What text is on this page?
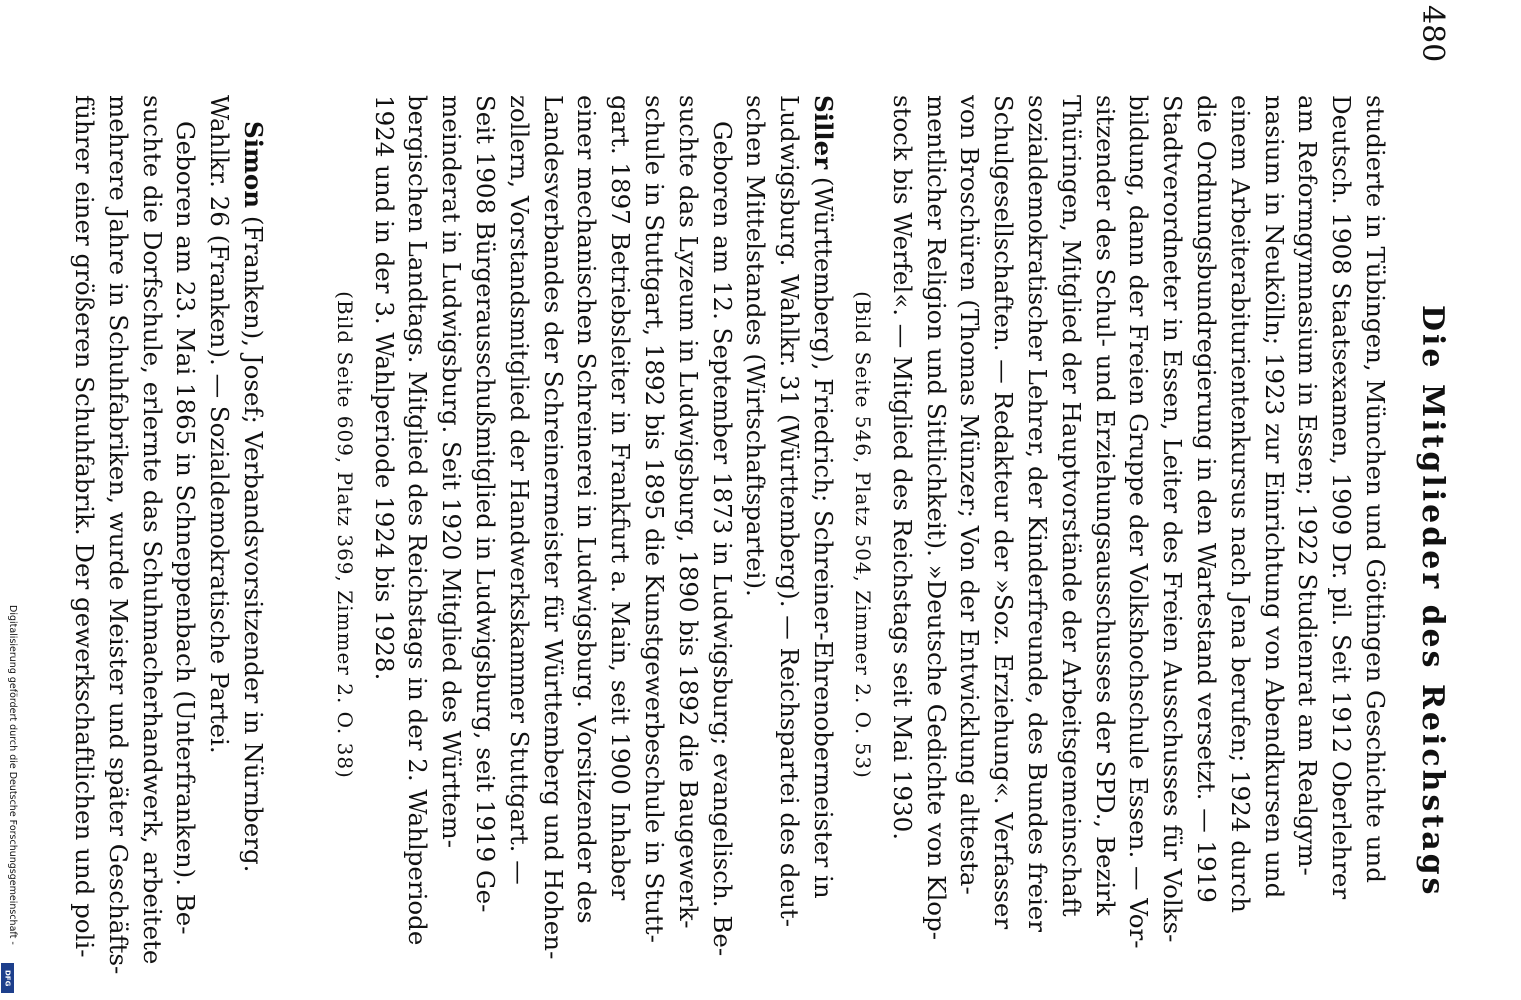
Digitalisierung gefördert durch die Deutsche Forschungsgemeinschaft -
DFG
480
Die Mitglieder des Reichstags

studierte in Tübingen, München und Göttingen Geschichte und
Deutsch. 1908 Staatsexamen, 1909 Dr. pil. Seit 1912 Oberlehrer
am Reformgymnasium in Essen; 1922 Studienrat am Realgym-
nasium in Neukölln; 1923 zur Einrichtung von Abendkursen und
einem Arbeiterabiturientenkursus nach Jena berufen; 1924 durch
die Ordnungsbundregierung in den Wartestand versetzt. — 1919
Stadtverordneter in Essen, Leiter des Freien Ausschusses für Volks-
bildung, dann der Freien Gruppe der Volkshochschule Essen. — Vor-
sitzender des Schul- und Erziehungsausschusses der SPD., Bezirk
Thüringen, Mitglied der Hauptvorstände der Arbeitsgemeinschaft
sozialdemokratischer Lehrer, der Kinderfreunde, des Bundes freier
Schulgesellschaften. — Redakteur der »Soz. Erziehung«. Verfasser
von Broschüren (Thomas Münzer; Von der Entwicklung alttesta-
mentlicher Religion und Sittlichkeit). »Deutsche Gedichte von Klop-
stock bis Werfel«. — Mitglied des Reichstags seit Mai 1930.

(Bild Seite 546, Platz 504, Zimmer 2. O. 53)

Siller (Württemberg), Friedrich; Schreiner-Ehrenobermeister in
Ludwigsburg. Wahlkr. 31 (Württemberg). — Reichspartei des deut-
schen Mittelstandes (Wirtschaftspartei).

Geboren am 12. September 1873 in Ludwigsburg; evangelisch. Be-

suchte das Lyzeum in Ludwigsburg, 1890 bis 1892 die Baugewerk-
schule in Stuttgart, 1892 bis 1895 die Kunstgewerbeschule in Stutt-
gart. 1897 Betriebsleiter in Frankfurt a. Main, seit 1900 Inhaber
einer mechanischen Schreinerei in Ludwigsburg. Vorsitzender des
Landesverbandes der Schreinermeister für Württemberg und Hohen-
zollern, Vorstandsmitglied der Handwerkskammer Stuttgart. —
Seit 1908 Bürgerausschußmitglied in Ludwigsburg, seit 1919 Ge-
meinderat in Ludwigsburg. Seit 1920 Mitglied des Württem-
bergischen Landtags. Mitglied des Reichstags in der 2. Wahlperiode
1924 und in der 3. Wahlperiode 1924 bis 1928.

(Bild Seite 609, Platz 369, Zimmer 2. O. 38)

Simon (Franken), Josef; Verbandsvorsitzender in Nürnberg.
Wahlkr. 26 (Franken). — Sozialdemokratische Partei.

Geboren am 23. Mai 1865 in Schneppenbach (Unterfranken). Be-
suchte die Dorfschule, erlernte das Schuhmacherhandwerk, arbeitete
mehrere Jahre in Schuhfabriken, wurde Meister und später Geschäfts-
führer einer größeren Schuhfabrik. Der gewerkschaftlichen und poli-
